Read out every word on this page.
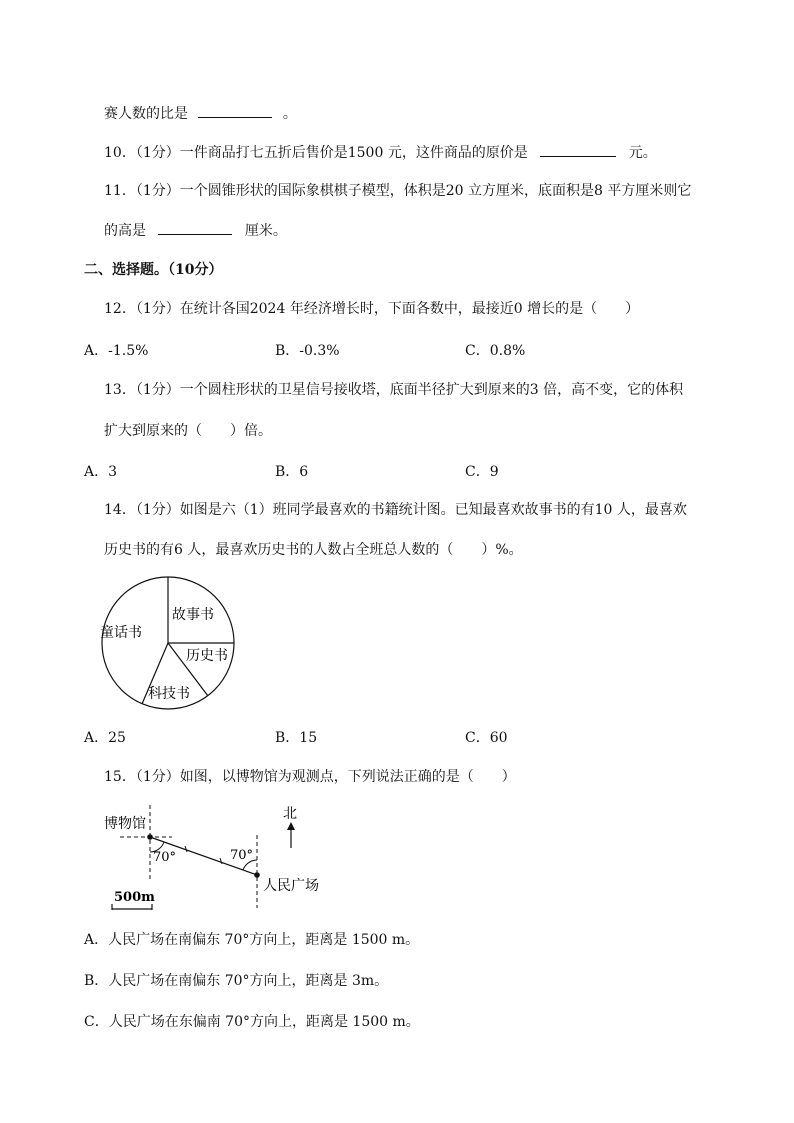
赛人数的比是	。
10．（1分）一件商品打七五折后售价是1500 元，这件商品的原价是	元。
11．（1分）一个圆锥形状的国际象棋棋子模型，体积是20 立方厘米，底面积是8 平方厘米则它
的高是	厘米。
二、选择题。（10分）
12．（1分）在统计各国2024 年经济增长时，下面各数中，最接近0 增长的是（　　）
A．-1.5%	B．-0.3%	C．0.8%
13．（1分）一个圆柱形状的卫星信号接收塔，底面半径扩大到原来的3 倍，高不变，它的体积
扩大到原来的（　　）倍。
A．3	B．6	C．9
14．（1分）如图是六（1）班同学最喜欢的书籍统计图。已知最喜欢故事书的有10 人，最喜欢
历史书的有6 人，最喜欢历史书的人数占全班总人数的（　　）%。
故事书
童话书
历史书
科技书
A．25	B．15	C．60
15．（1分）如图，以博物馆为观测点，下列说法正确的是（　　）
70°	70°
博物馆
人民广场
北
500m
A．人民广场在南偏东 70°方向上，距离是 1500 m。
B．人民广场在南偏东 70°方向上，距离是 3m。
C．人民广场在东偏南 70°方向上，距离是 1500 m。
